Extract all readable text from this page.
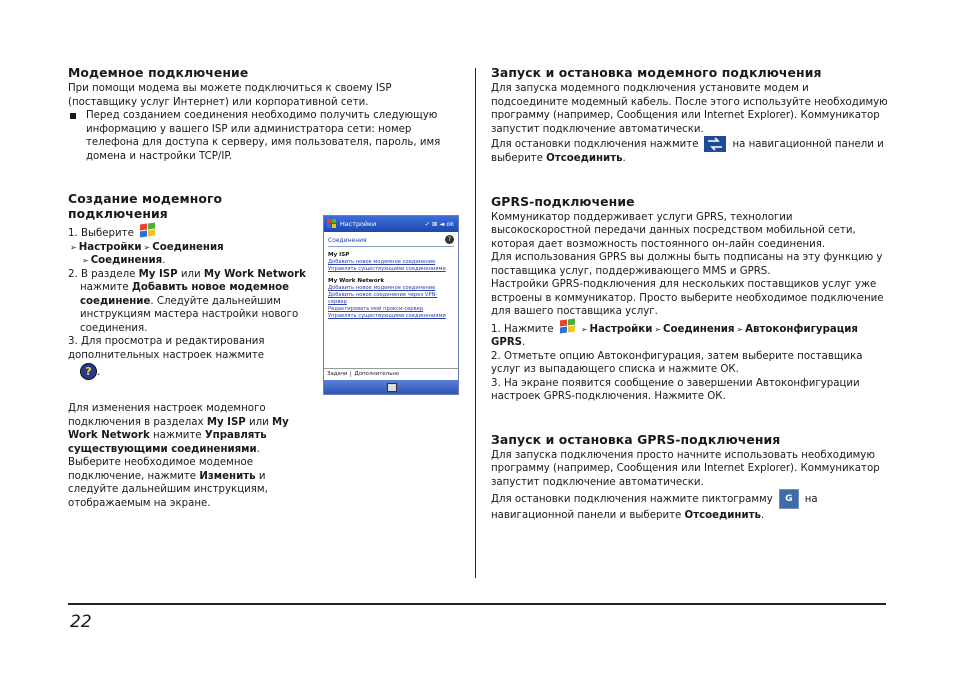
22
Модемное подключение

При помощи модема вы можете подключиться к своему ISP (поставщику услуг Интернет) или корпоративной сети.

Перед созданием соединения необходимо получить следующую информацию у вашего ISP или администратора сети: номер телефона для доступа к серверу, имя пользователя, пароль, имя домена и настройки TCP/IP.

Создание модемного
подключения

1. Выберите
➢ Настройки ➢ Соединения

➢ Соединения.

2. В разделе My ISP или My Work Network

нажмите Добавить новое модемное соединение. Следуйте дальнейшим инструкциям мастера настройки нового соединения.

3. Для просмотра и редактирования дополнительных настроек нажмите

? .

Для изменения настроек модемного подключения в разделах My ISP или My Work Network нажмите Управлять существующими соединениями. Выберите необходимое модемное подключение, нажмите Изменить и следуйте дальнейшим инструкциям, отображаемым на экране.

Настройки	✓ ⊠ ◄ ok
Соединения	?
My ISP
Добавить новое модемное соединение
Управлять существующими соединениями
My Work Network
Добавить новое модемное соединение
Добавить новое соединение через VPN-сервер
Редактировать мой прокси-сервер
Управлять существующими соединениями
Задачи Дополнительно
Запуск и остановка модемного подключения

Для запуска модемного подключения установите модем и подсоедините модемный кабель. После этого используйте необходимую программу (например, Сообщения или Internet Explorer). Коммуникатор запустит подключение автоматически.

Для остановки подключения нажмите	на навигационной панели и выберите Отсоединить.

GPRS-подключение

Коммуникатор поддерживает услуги GPRS, технологии высокоскоростной передачи данных посредством мобильной сети, которая дает возможность постоянного он-лайн соединения.

Для использования GPRS вы должны быть подписаны на эту функцию у поставщика услуг, поддерживающего MMS и GPRS.

Настройки GPRS-подключения для нескольких поставщиков услуг уже встроены в коммуникатор. Просто выберите необходимое подключение для вашего поставщика услуг.

1. Нажмите	➢ Настройки ➢ Соединения ➢ Автоконфигурация GPRS.

2. Отметьте опцию Автоконфигурация, затем выберите поставщика услуг из выпадающего списка и нажмите ОК.

3. На экране появится сообщение о завершении Автоконфигурации настроек GPRS-подключения. Нажмите ОК.

Запуск и остановка GPRS-подключения

Для запуска подключения просто начните использовать необходимую программу (например, Сообщения или Internet Explorer). Коммуникатор запустит подключение автоматически.

Для остановки подключения нажмите пиктограмму G на навигационной панели и выберите Отсоединить.
